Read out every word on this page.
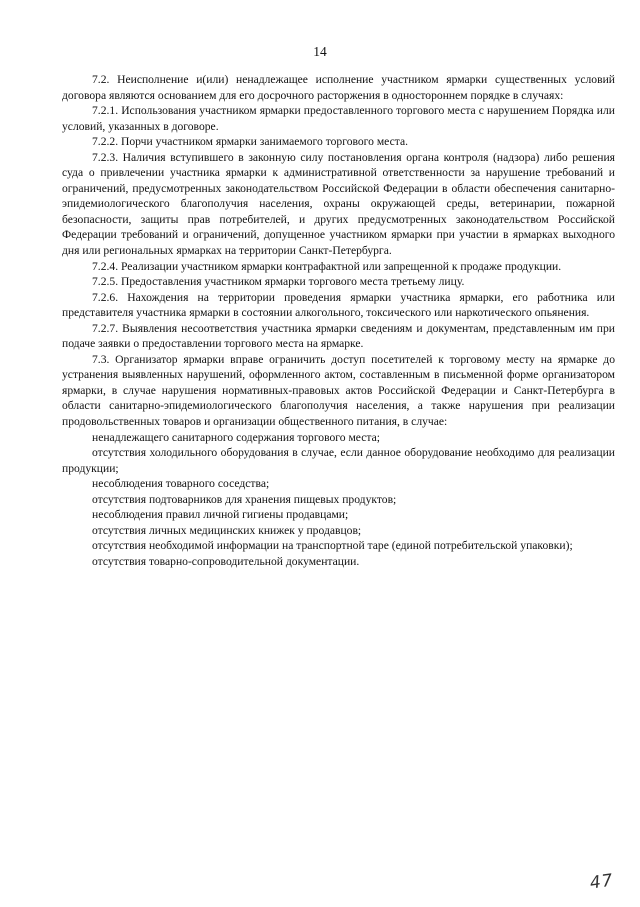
14

7.2. Неисполнение и(или) ненадлежащее исполнение участником ярмарки существенных условий договора являются основанием для его досрочного расторжения в одностороннем порядке в случаях:

7.2.1. Использования участником ярмарки предоставленного торгового места с нарушением Порядка или условий, указанных в договоре.

7.2.2. Порчи участником ярмарки занимаемого торгового места.

7.2.3. Наличия вступившего в законную силу постановления органа контроля (надзора) либо решения суда о привлечении участника ярмарки к административной ответственности за нарушение требований и ограничений, предусмотренных законодательством Российской Федерации в области обеспечения санитарно-эпидемиологического благополучия населения, охраны окружающей среды, ветеринарии, пожарной безопасности, защиты прав потребителей, и других предусмотренных законодательством Российской Федерации требований и ограничений, допущенное участником ярмарки при участии в ярмарках выходного дня или региональных ярмарках на территории Санкт-Петербурга.

7.2.4. Реализации участником ярмарки контрафактной или запрещенной к продаже продукции.

7.2.5. Предоставления участником ярмарки торгового места третьему лицу.

7.2.6. Нахождения на территории проведения ярмарки участника ярмарки, его работника или представителя участника ярмарки в состоянии алкогольного, токсического или наркотического опьянения.

7.2.7. Выявления несоответствия участника ярмарки сведениям и документам, представленным им при подаче заявки о предоставлении торгового места на ярмарке.

7.3. Организатор ярмарки вправе ограничить доступ посетителей к торговому месту на ярмарке до устранения выявленных нарушений, оформленного актом, составленным в письменной форме организатором ярмарки, в случае нарушения нормативных-правовых актов Российской Федерации и Санкт-Петербурга в области санитарно-эпидемиологического благополучия населения, а также нарушения при реализации продовольственных товаров и организации общественного питания, в случае:

ненадлежащего санитарного содержания торгового места;

отсутствия холодильного оборудования в случае, если данное оборудование необходимо для реализации продукции;

несоблюдения товарного соседства;

отсутствия подтоварников для хранения пищевых продуктов;

несоблюдения правил личной гигиены продавцами;

отсутствия личных медицинских книжек у продавцов;

отсутствия необходимой информации на транспортной таре (единой потребительской упаковки);

отсутствия товарно-сопроводительной документации.

47
